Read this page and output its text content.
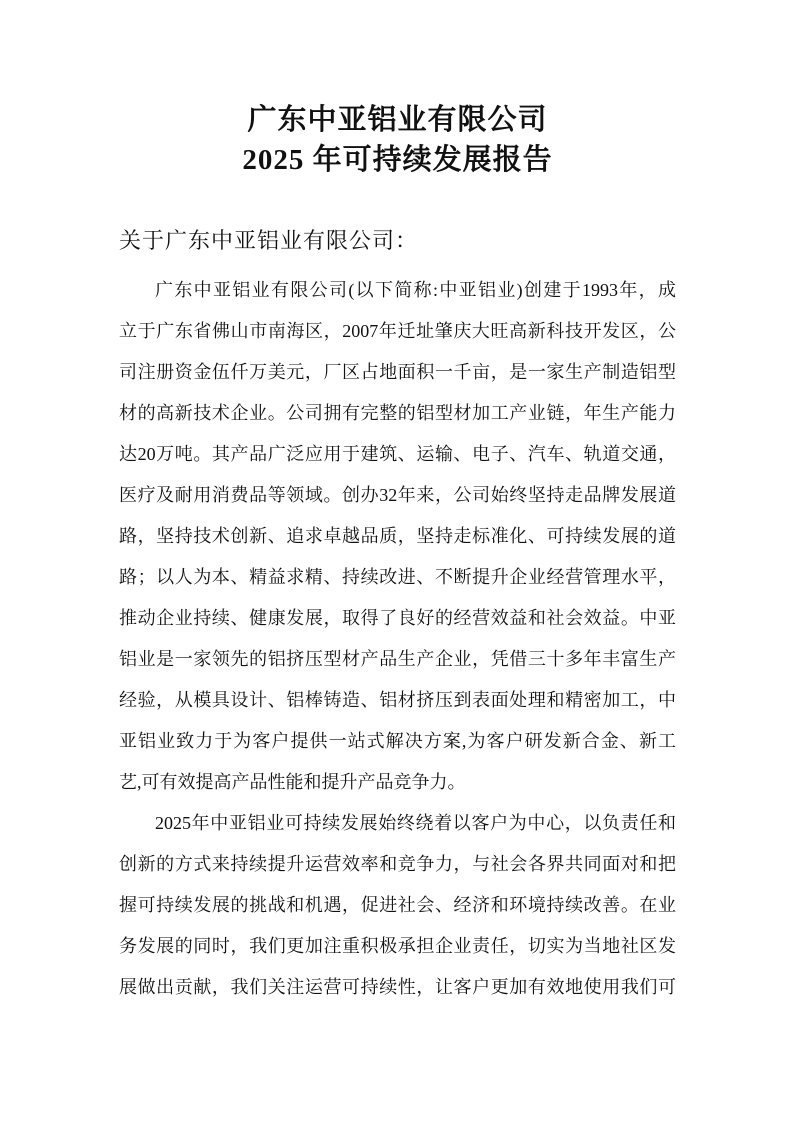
广东中亚铝业有限公司
2025 年可持续发展报告
关于广东中亚铝业有限公司：
广东中亚铝业有限公司(以下简称:中亚铝业)创建于1993年，成
立于广东省佛山市南海区，2007年迁址肇庆大旺高新科技开发区，公
司注册资金伍仟万美元，厂区占地面积一千亩，是一家生产制造铝型
材的高新技术企业。公司拥有完整的铝型材加工产业链，年生产能力
达20万吨。其产品广泛应用于建筑、运输、电子、汽车、轨道交通，
医疗及耐用消费品等领域。创办32年来，公司始终坚持走品牌发展道
路，坚持技术创新、追求卓越品质，坚持走标准化、可持续发展的道
路；以人为本、精益求精、持续改进、不断提升企业经营管理水平，
推动企业持续、健康发展，取得了良好的经营效益和社会效益。中亚
铝业是一家领先的铝挤压型材产品生产企业，凭借三十多年丰富生产
经验，从模具设计、铝棒铸造、铝材挤压到表面处理和精密加工，中
亚铝业致力于为客户提供一站式解决方案,为客户研发新合金、新工
艺,可有效提高产品性能和提升产品竞争力。
2025年中亚铝业可持续发展始终绕着以客户为中心，以负责任和
创新的方式来持续提升运营效率和竞争力，与社会各界共同面对和把
握可持续发展的挑战和机遇，促进社会、经济和环境持续改善。在业
务发展的同时，我们更加注重积极承担企业责任，切实为当地社区发
展做出贡献，我们关注运营可持续性，让客户更加有效地使用我们可
